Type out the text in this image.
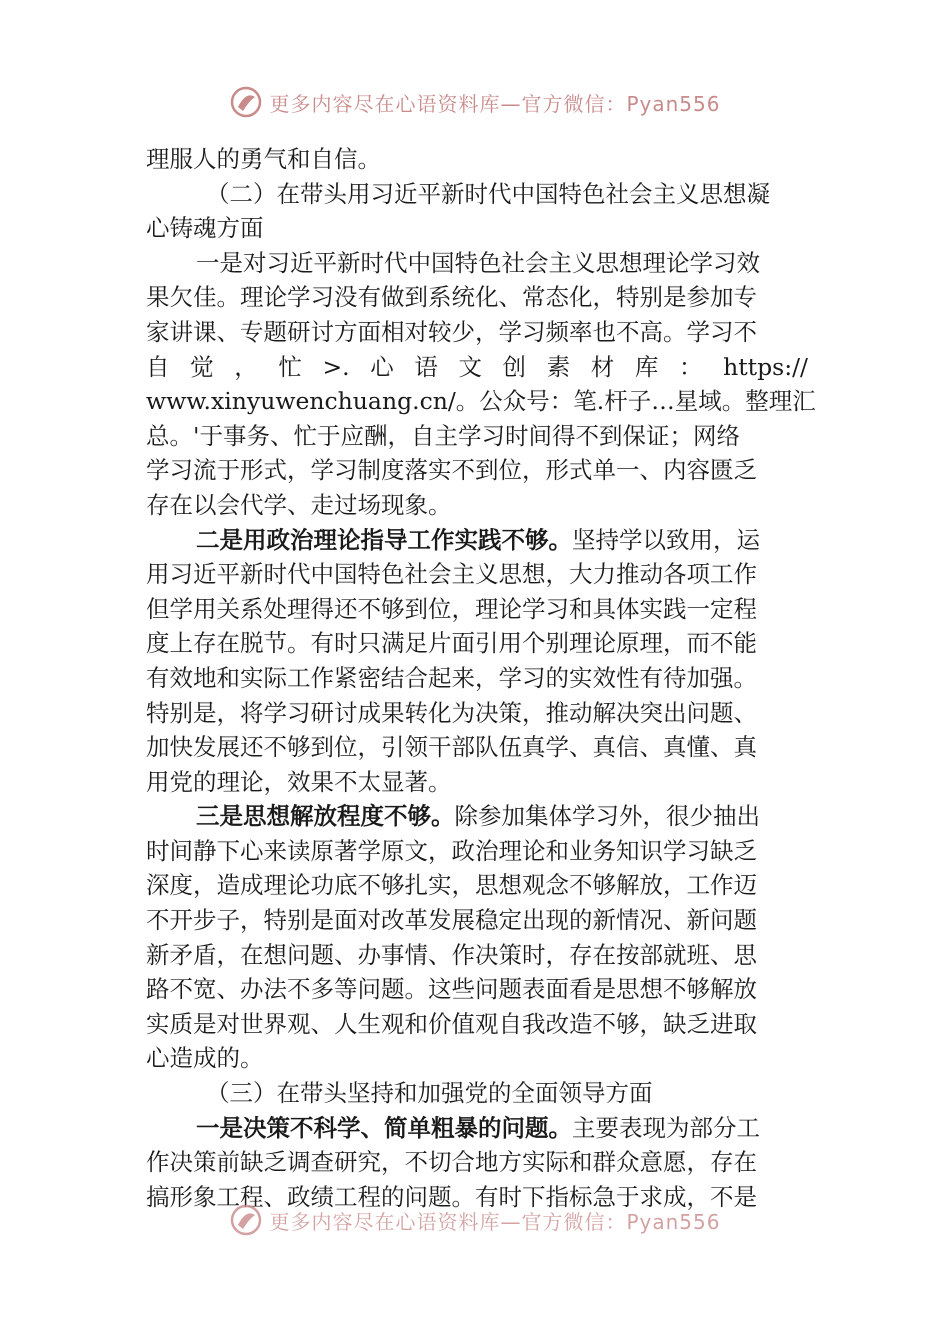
更多内容尽在心语资料库—官方微信：Pyan556
理服人的勇气和自信。
（二）在带头用习近平新时代中国特色社会主义思想凝
心铸魂方面
一是对习近平新时代中国特色社会主义思想理论学习效
果欠佳。理论学习没有做到系统化、常态化，特别是参加专
家讲课、专题研讨方面相对较少，学习频率也不高。学习不
自 觉 ， 忙 >. 心 语 文 创 素 材 库 ： https://
www.xinyuwenchuang.cn/。公众号：笔.杆子…星域。整理汇
总。'于事务、忙于应酬，自主学习时间得不到保证；网络
学习流于形式，学习制度落实不到位，形式单一、内容匮乏
存在以会代学、走过场现象。
二是用政治理论指导工作实践不够。坚持学以致用，运
用习近平新时代中国特色社会主义思想，大力推动各项工作
但学用关系处理得还不够到位，理论学习和具体实践一定程
度上存在脱节。有时只满足片面引用个别理论原理，而不能
有效地和实际工作紧密结合起来，学习的实效性有待加强。
特别是，将学习研讨成果转化为决策，推动解决突出问题、
加快发展还不够到位，引领干部队伍真学、真信、真懂、真
用党的理论，效果不太显著。
三是思想解放程度不够。除参加集体学习外，很少抽出
时间静下心来读原著学原文，政治理论和业务知识学习缺乏
深度，造成理论功底不够扎实，思想观念不够解放，工作迈
不开步子，特别是面对改革发展稳定出现的新情况、新问题
新矛盾，在想问题、办事情、作决策时，存在按部就班、思
路不宽、办法不多等问题。这些问题表面看是思想不够解放
实质是对世界观、人生观和价值观自我改造不够，缺乏进取
心造成的。
（三）在带头坚持和加强党的全面领导方面
一是决策不科学、简单粗暴的问题。主要表现为部分工
作决策前缺乏调查研究，不切合地方实际和群众意愿，存在
搞形象工程、政绩工程的问题。有时下指标急于求成，不是
更多内容尽在心语资料库—官方微信：Pyan556
